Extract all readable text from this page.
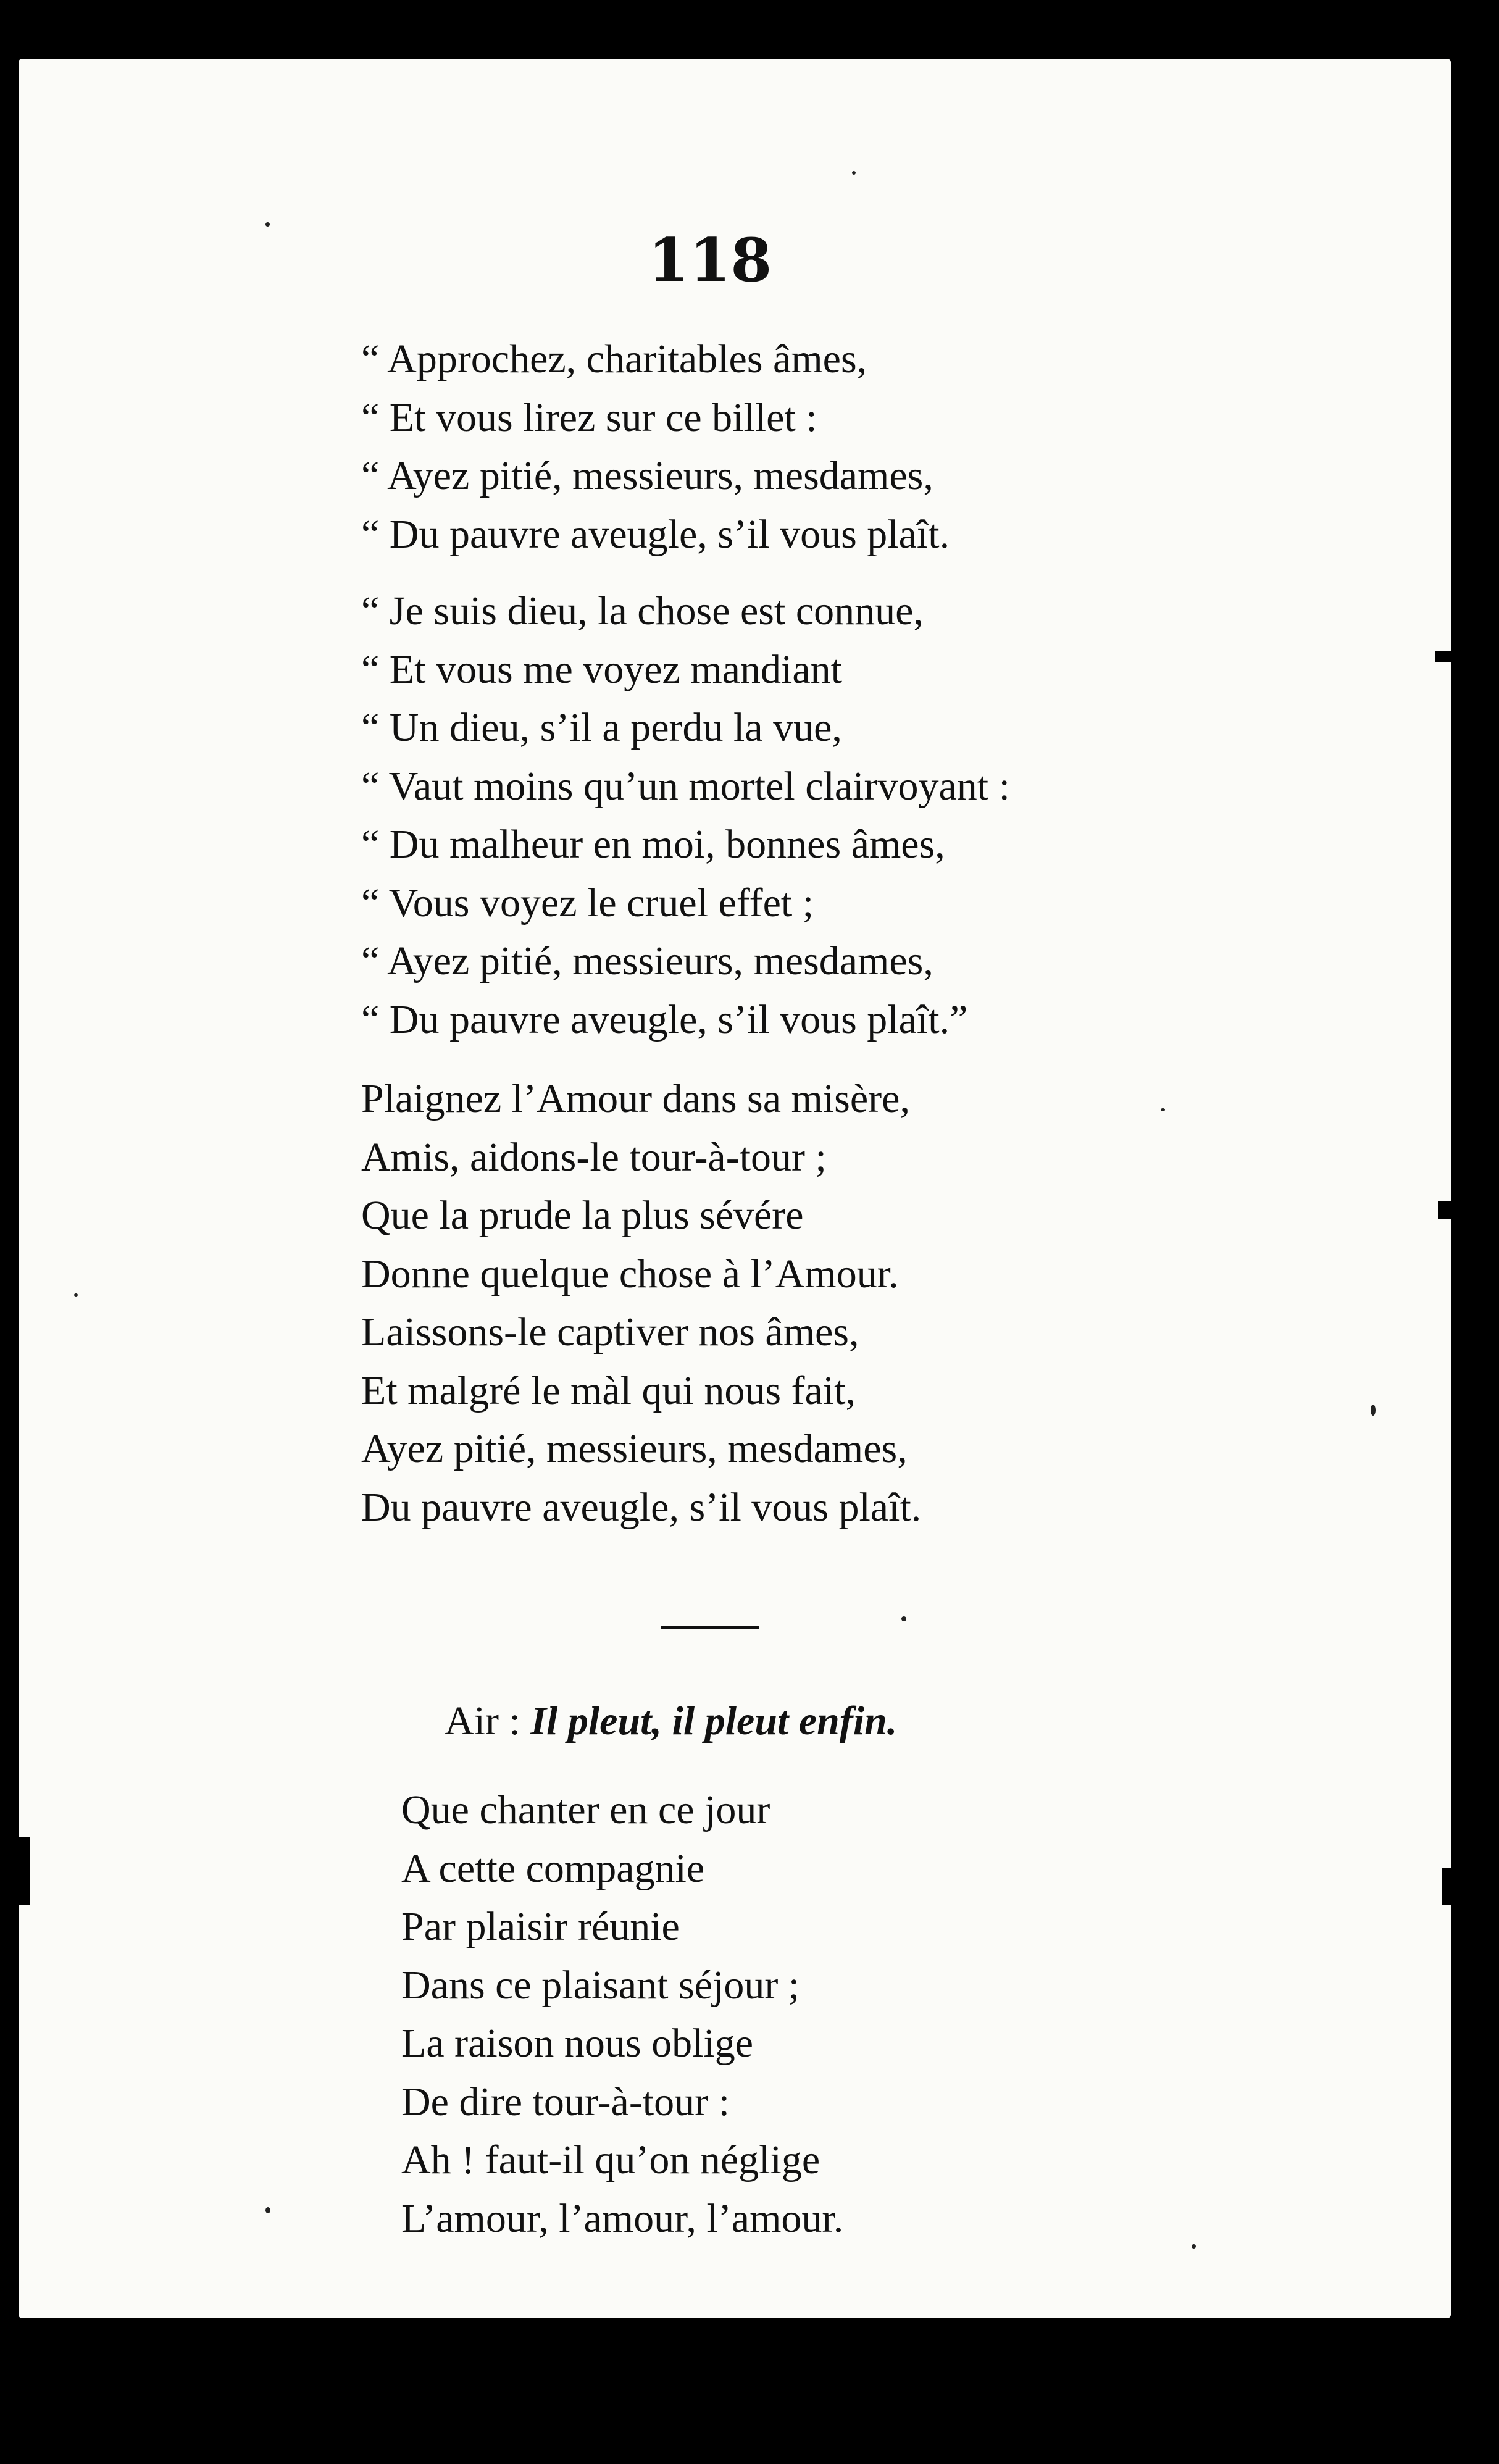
118
“ Approchez, charitables âmes,
“ Et vous lirez sur ce billet :
“ Ayez pitié, messieurs, mesdames,
“ Du pauvre aveugle, s’il vous plaît.
“ Je suis dieu, la chose est connue,
“ Et vous me voyez mandiant
“ Un dieu, s’il a perdu la vue,
“ Vaut moins qu’un mortel clairvoyant :
“ Du malheur en moi, bonnes âmes,
“ Vous voyez le cruel effet ;
“ Ayez pitié, messieurs, mesdames,
“ Du pauvre aveugle, s’il vous plaît.”
Plaignez l’Amour dans sa misère,
Amis, aidons-le tour-à-tour ;
Que la prude la plus sévére
Donne quelque chose à l’Amour.
Laissons-le captiver nos âmes,
Et malgré le màl qui nous fait,
Ayez pitié, messieurs, mesdames,
Du pauvre aveugle, s’il vous plaît.
Air : Il pleut, il pleut enfin.
Que chanter en ce jour
A cette compagnie
Par plaisir réunie
Dans ce plaisant séjour ;
La raison nous oblige
De dire tour-à-tour :
Ah ! faut-il qu’on néglige
L’amour, l’amour, l’amour.
